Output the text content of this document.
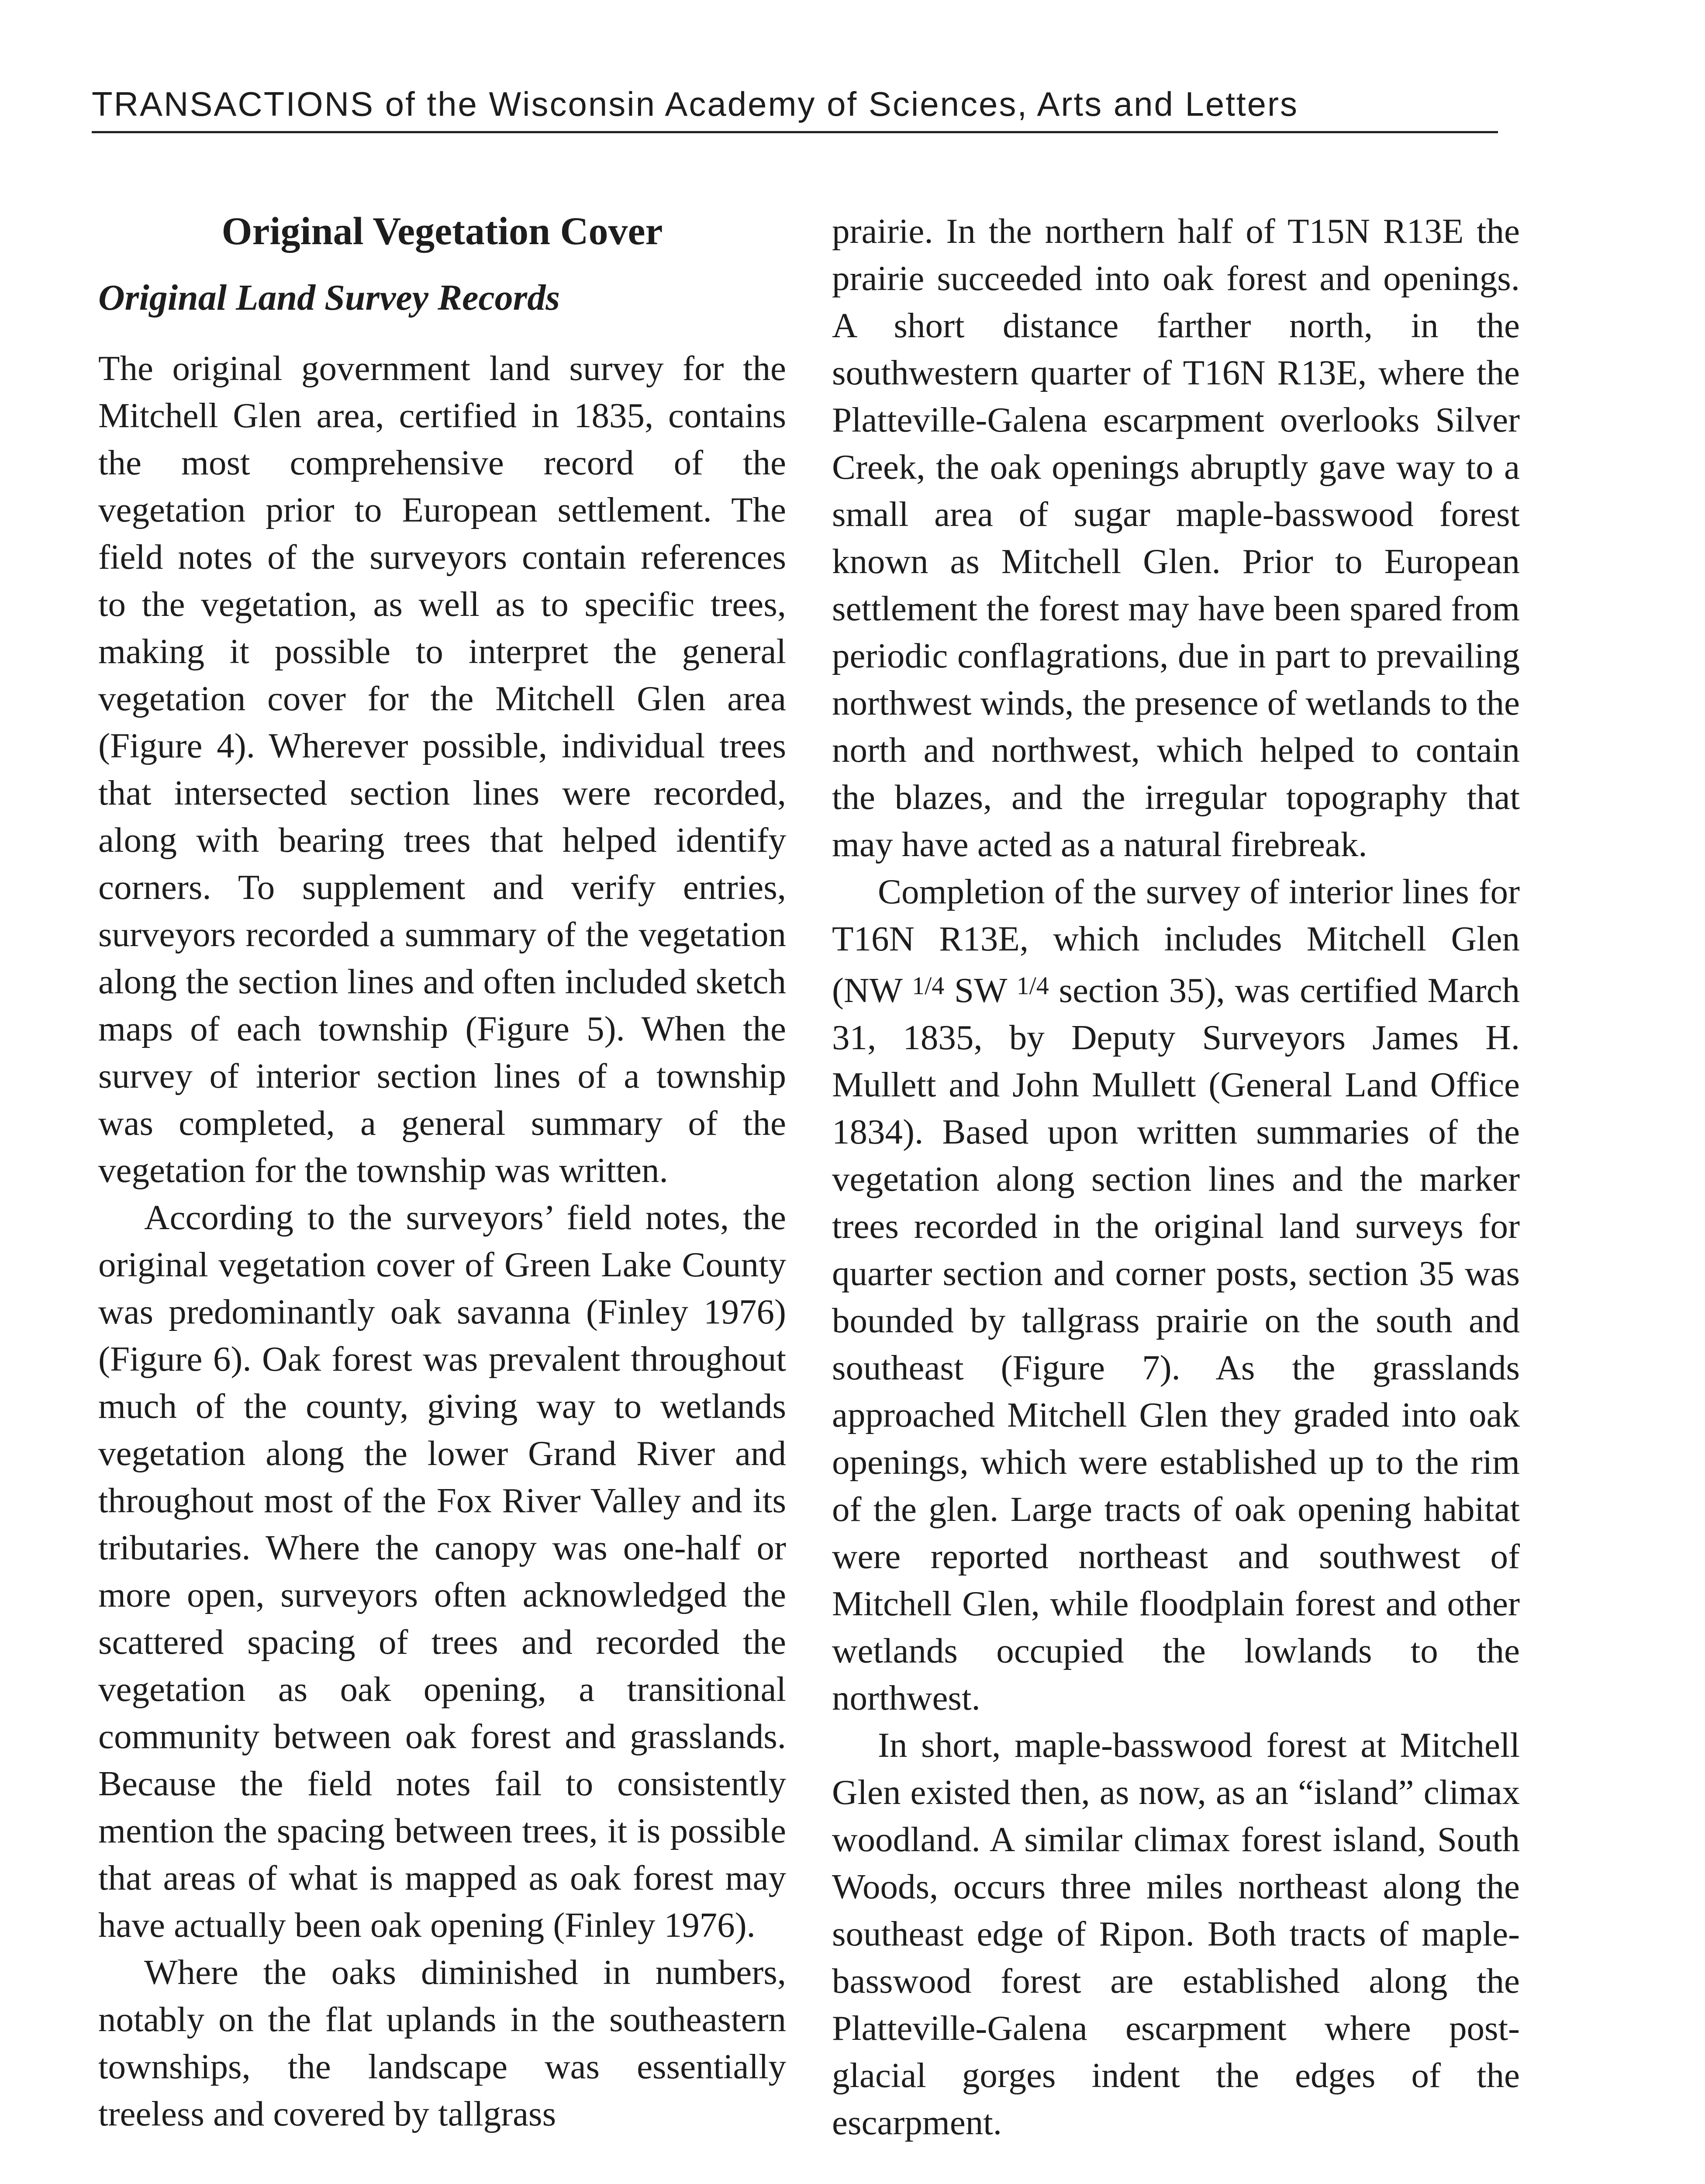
TRANSACTIONS of the Wisconsin Academy of Sciences, Arts and Letters
Original Vegetation Cover
Original Land Survey Records

The original government land survey for the Mitchell Glen area, certified in 1835, contains the most comprehensive record of the vegetation prior to European settlement. The field notes of the surveyors contain references to the vegetation, as well as to specific trees, making it possible to interpret the general vegetation cover for the Mitchell Glen area (Figure 4). Wherever possible, individual trees that intersected section lines were recorded, along with bearing trees that helped identify corners. To supplement and verify entries, surveyors recorded a summary of the vegetation along the section lines and often included sketch maps of each township (Figure 5). When the survey of interior section lines of a township was completed, a general summary of the vegetation for the township was written.

According to the surveyors’ field notes, the original vegetation cover of Green Lake County was predominantly oak savanna (Finley 1976) (Figure 6). Oak forest was prevalent throughout much of the county, giving way to wetlands vegetation along the lower Grand River and throughout most of the Fox River Valley and its tributaries. Where the canopy was one-half or more open, surveyors often acknowledged the scattered spacing of trees and recorded the vegetation as oak opening, a transitional community between oak forest and grasslands. Because the field notes fail to consistently mention the spacing between trees, it is possible that areas of what is mapped as oak forest may have actually been oak opening (Finley 1976).

Where the oaks diminished in numbers, notably on the flat uplands in the southeastern townships, the landscape was essentially treeless and covered by tallgrass

prairie. In the northern half of T15N R13E the prairie succeeded into oak forest and openings. A short distance farther north, in the southwestern quarter of T16N R13E, where the Platteville-Galena escarpment overlooks Silver Creek, the oak openings abruptly gave way to a small area of sugar maple-basswood forest known as Mitchell Glen. Prior to European settlement the forest may have been spared from periodic conflagrations, due in part to prevailing northwest winds, the presence of wetlands to the north and northwest, which helped to contain the blazes, and the irregular topography that may have acted as a natural firebreak.

Completion of the survey of interior lines for T16N R13E, which includes Mitchell Glen (NW $^{1/4}$ SW $^{1/4}$ section 35), was certified March 31, 1835, by Deputy Surveyors James H. Mullett and John Mullett (General Land Office 1834). Based upon written summaries of the vegetation along section lines and the marker trees recorded in the original land surveys for quarter section and corner posts, section 35 was bounded by tallgrass prairie on the south and southeast (Figure 7). As the grasslands approached Mitchell Glen they graded into oak openings, which were established up to the rim of the glen. Large tracts of oak opening habitat were reported northeast and southwest of Mitchell Glen, while floodplain forest and other wetlands occupied the lowlands to the northwest.

In short, maple-basswood forest at Mitchell Glen existed then, as now, as an “island” climax woodland. A similar climax forest island, South Woods, occurs three miles northeast along the southeast edge of Ripon. Both tracts of maple-basswood forest are established along the Platteville-Galena escarpment where post-glacial gorges indent the edges of the escarpment.
